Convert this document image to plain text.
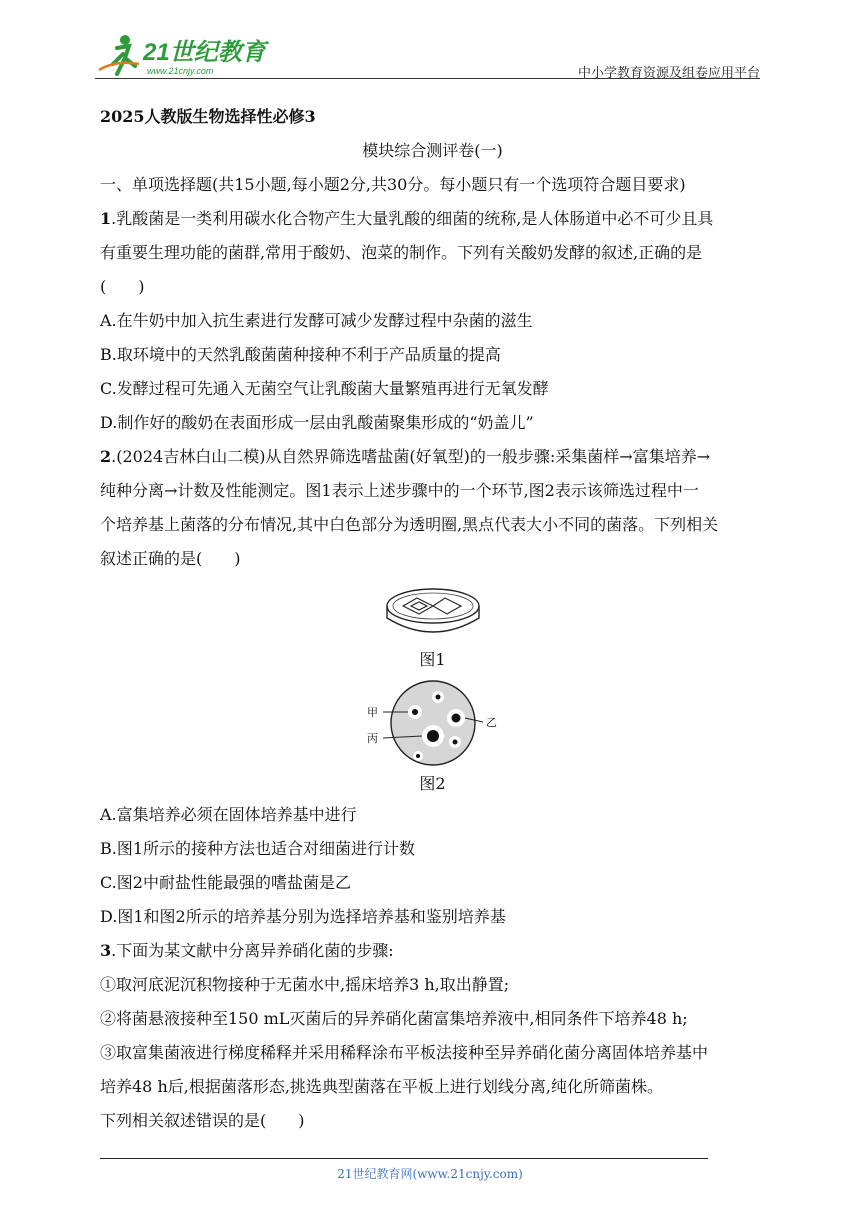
21世纪教育
www.21cnjy.com	中小学教育资源及组卷应用平台
2025人教版生物选择性必修3
模块综合测评卷(一)
一、单项选择题(共15小题,每小题2分,共30分。每小题只有一个选项符合题目要求)
1.乳酸菌是一类利用碳水化合物产生大量乳酸的细菌的统称,是人体肠道中必不可少且具
有重要生理功能的菌群,常用于酸奶、泡菜的制作。下列有关酸奶发酵的叙述,正确的是
(　　)
A.在牛奶中加入抗生素进行发酵可减少发酵过程中杂菌的滋生
B.取环境中的天然乳酸菌菌种接种不利于产品质量的提高
C.发酵过程可先通入无菌空气让乳酸菌大量繁殖再进行无氧发酵
D.制作好的酸奶在表面形成一层由乳酸菌聚集形成的“奶盖儿”
2.(2024吉林白山二模)从自然界筛选嗜盐菌(好氧型)的一般步骤:采集菌样→富集培养→
纯种分离→计数及性能测定。图1表示上述步骤中的一个环节,图2表示该筛选过程中一
个培养基上菌落的分布情况,其中白色部分为透明圈,黑点代表大小不同的菌落。下列相关
叙述正确的是(　　)
图1
甲
乙
丙
图2
A.富集培养必须在固体培养基中进行
B.图1所示的接种方法也适合对细菌进行计数
C.图2中耐盐性能最强的嗜盐菌是乙
D.图1和图2所示的培养基分别为选择培养基和鉴别培养基
3.下面为某文献中分离异养硝化菌的步骤:
①取河底泥沉积物接种于无菌水中,摇床培养3 h,取出静置;
②将菌悬液接种至150 mL灭菌后的异养硝化菌富集培养液中,相同条件下培养48 h;
③取富集菌液进行梯度稀释并采用稀释涂布平板法接种至异养硝化菌分离固体培养基中
培养48 h后,根据菌落形态,挑选典型菌落在平板上进行划线分离,纯化所筛菌株。
下列相关叙述错误的是(　　)
21世纪教育网(www.21cnjy.com)
